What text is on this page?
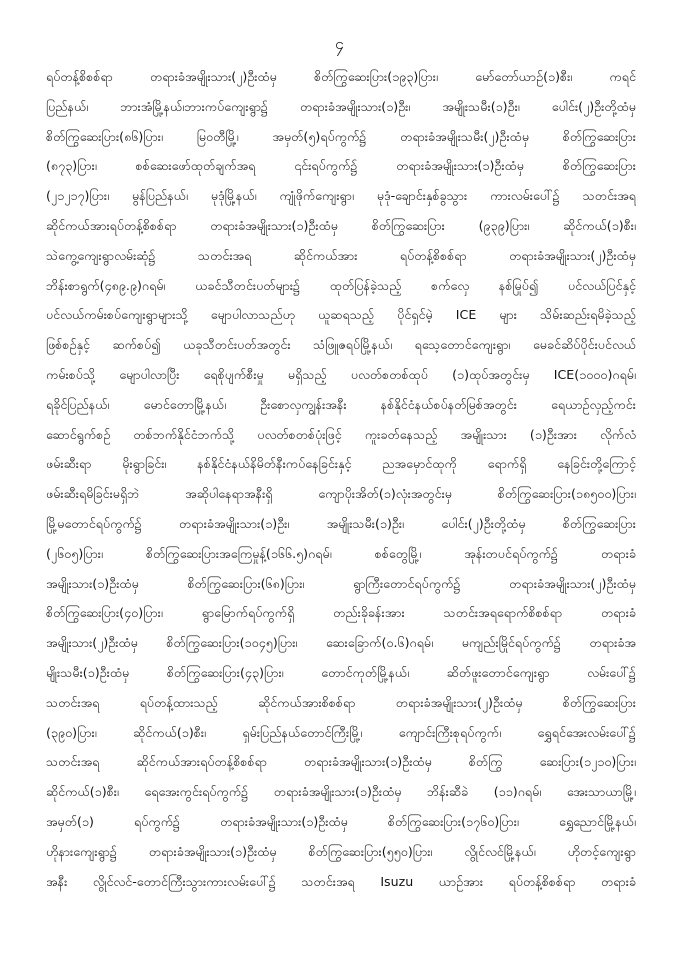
၄
ရပ်တန့်စိစစ်ရာ တရားခံအမျိုးသား(၂)ဦးထံမှ စိတ်ကြွဆေးပြား(၁၉၃)ပြား၊ မော်တော်ယာဉ်(၁)စီး၊ ကရင်
ပြည်နယ်၊ ဘားအံမြို့နယ်၊ဘားကပ်ကျေးရွာ၌ တရားခံအမျိုးသား(၁)ဦး၊ အမျိုးသမီး(၁)ဦး၊ ပေါင်း(၂)ဦးတို့ထံမှ
စိတ်ကြွဆေးပြား(၈၆)ပြား၊ မြဝတီမြို့၊ အမှတ်(၅)ရပ်ကွက်၌ တရားခံအမျိုးသမီး(၂)ဦးထံမှ စိတ်ကြွဆေးပြား
(၈၇၃)ပြား၊ စစ်ဆေးဖော်ထုတ်ချက်အရ ၎င်းရပ်ကွက်၌ တရားခံအမျိုးသား(၁)ဦးထံမှ စိတ်ကြွဆေးပြား
(၂၁၂၁၇)ပြား၊ မွန်ပြည်နယ်၊ မုဒုံမြို့နယ်၊ ကျုံဖိုက်ကျေးရွာ၊ မုဒုံ-ချောင်းနှစ်ခွသွား ကားလမ်းပေါ်၌ သတင်းအရ
ဆိုင်ကယ်အားရပ်တန့်စိစစ်ရာ တရားခံအမျိုးသား(၁)ဦးထံမှ စိတ်ကြွဆေးပြား (၉၃၉)ပြား၊ ဆိုင်ကယ်(၁)စီး၊
သဲကွေ့ကျေးရွာလမ်းဆုံ၌ သတင်းအရ ဆိုင်ကယ်အား ရပ်တန့်စိစစ်ရာ တရားခံအမျိုးသား(၂)ဦးထံမှ
ဘိန်းစာရွက်(၄၈၉.၉)ဂရမ်၊ ယခင်သီတင်းပတ်များ၌ ထုတ်ပြန်ခဲ့သည့် စက်လှေ နစ်မြုပ်၍ ပင်လယ်ပြင်နှင့်
ပင်လယ်ကမ်းစပ်ကျေးရွာများသို့ မျောပါလာသည်ဟု ယူဆရသည့် ပိုင်ရှင်မဲ့ ICE များ သိမ်းဆည်းရမိခဲ့သည့်
ဖြစ်စဉ်နှင့် ဆက်စပ်၍ ယခုသီတင်းပတ်အတွင်း သံဖြူဇရပ်မြို့နယ်၊ ရသေ့တောင်ကျေးရွာ၊ မေခင်ဆိပ်ပိုင်းပင်လယ်
ကမ်းစပ်သို့ မျောပါလာပြီး ရေစိုပျက်စီးမှု မရှိသည့် ပလတ်စတစ်ထုပ် (၁)ထုပ်အတွင်းမှ ICE(၁၀၀၀)ဂရမ်၊
ရခိုင်ပြည်နယ်၊ မောင်တောမြို့နယ်၊ ဦးစောလှကျွန်းအနီး နစ်နိုင်ငံနယ်စပ်နတ်မြစ်အတွင်း ရေယာဉ်လှည့်ကင်း
ဆောင်ရွက်စဉ် တစ်ဘက်နိုင်ငံဘက်သို့ ပလတ်စတစ်ပုံးဖြင့် ကူးခတ်နေသည့် အမျိုးသား (၁)ဦးအား လိုက်လံ
ဖမ်းဆီးရာ မိုးရွာခြင်း၊ နစ်နိုင်ငံနယ်နိမိတ်နီးကပ်နေခြင်းနှင့် ညအမှောင်ထုကို ရောက်ရှိ နေခြင်းတို့ကြောင့်
ဖမ်းဆီးရမိခြင်းမရှိဘဲ အဆိုပါနေရာအနီးရှိ ကျောပိုးအိတ်(၁)လုံးအတွင်းမှ စိတ်ကြွဆေးပြား(၁၈၅၀၀)ပြား၊
မြို့မတောင်ရပ်ကွက်၌ တရားခံအမျိုးသား(၁)ဦး၊ အမျိုးသမီး(၁)ဦး၊ ပေါင်း(၂)ဦးတို့ထံမှ စိတ်ကြွဆေးပြား
(၂၆၀၅)ပြား၊ စိတ်ကြွဆေးပြားအကြေမှုန့်(၁၆၆.၅)ဂရမ်၊ စစ်တွေမြို့၊ အုန်းတပင်ရပ်ကွက်၌ တရားခံ
အမျိုးသား(၁)ဦးထံမှ စိတ်ကြွဆေးပြား(၆၈)ပြား၊ ရွာကြီးတောင်ရပ်ကွက်၌ တရားခံအမျိုးသား(၂)ဦးထံမှ
စိတ်ကြွဆေးပြား(၄၀)ပြား၊ ရွာမြောက်ရပ်ကွက်ရှိ တည်းခိုခန်းအား သတင်းအရရောက်စိစစ်ရာ တရားခံ
အမျိုးသား(၂)ဦးထံမှ စိတ်ကြွဆေးပြား(၁၀၄၅)ပြား၊ ဆေးခြောက်(၀.၆)ဂရမ်၊ မကျည်းမြိုင်ရပ်ကွက်၌ တရားခံအ
မျိုးသမီး(၁)ဦးထံမှ စိတ်ကြွဆေးပြား(၄၃)ပြား၊ တောင်ကုတ်မြို့နယ်၊ ဆိတ်ဖူးတောင်ကျေးရွာ လမ်းပေါ်၌
သတင်းအရ ရပ်တန့်ထားသည့် ဆိုင်ကယ်အားစိစစ်ရာ တရားခံအမျိုးသား(၂)ဦးထံမှ စိတ်ကြွဆေးပြား
(၃၉၀)ပြား၊ ဆိုင်ကယ်(၁)စီး၊ ရှမ်းပြည်နယ်တောင်ကြီးမြို့၊ ကျောင်းကြီးစုရပ်ကွက်၊ ရွှေရင်အေးလမ်းပေါ်၌
သတင်းအရ ဆိုင်ကယ်အားရပ်တန့်စိစစ်ရာ တရားခံအမျိုးသား(၁)ဦးထံမှ စိတ်ကြွ ဆေးပြား(၁၂၁၀)ပြား၊
ဆိုင်ကယ်(၁)စီး၊ ရေအေးကွင်းရပ်ကွက်၌ တရားခံအမျိုးသား(၁)ဦးထံမှ ဘိန်းဆီခဲ (၁၁)ဂရမ်၊ အေးသာယာမြို့၊
အမှတ်(၁) ရပ်ကွက်၌ တရားခံအမျိုးသား(၁)ဦးထံမှ စိတ်ကြွဆေးပြား(၁၇၆၀)ပြား၊ ရွှေညောင်မြို့နယ်၊
ဟိုနားကျေးရွာ၌ တရားခံအမျိုးသား(၁)ဦးထံမှ စိတ်ကြွဆေးပြား(၅၅၀)ပြား၊ လွိုင်လင်မြို့နယ်၊ ဟိုတင့်ကျေးရွာ
အနီး လွိုင်လင်-တောင်ကြီးသွားကားလမ်းပေါ်၌ သတင်းအရ Isuzu ယာဉ်အား ရပ်တန့်စိစစ်ရာ တရားခံ
